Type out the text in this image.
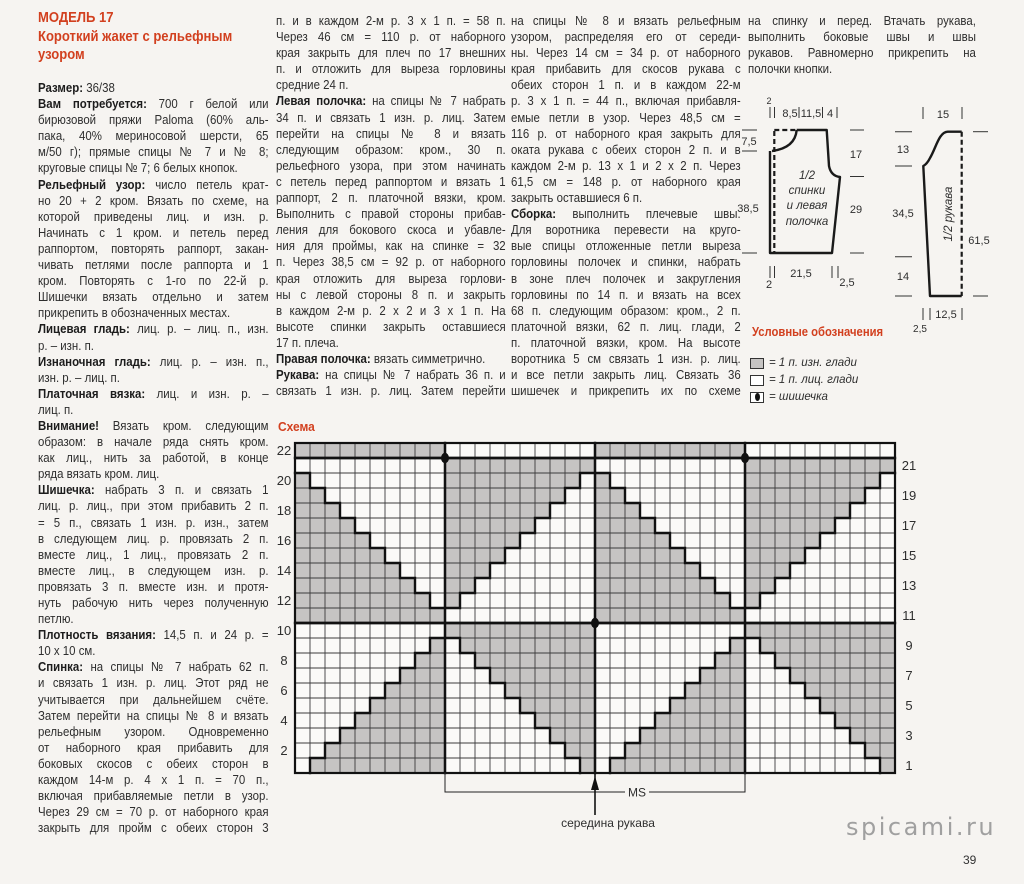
МОДЕЛЬ 17
Короткий жакет с рельефным
узором
Размер: 36/38
Вам потребуется: 700 г белой или
бирюзовой пряжи Paloma (60% аль-
пака, 40% мериносовой шерсти, 65
м/50 г); прямые спицы № 7 и № 8;
круговые спицы № 7; 6 белых кнопок.
Рельефный узор: число петель крат-
но 20 + 2 кром. Вязать по схеме, на
которой приведены лиц. и изн. р.
Начинать с 1 кром. и петель перед
раппортом, повторять раппорт, закан-
чивать петлями после раппорта и 1
кром. Повторять с 1-го по 22-й р.
Шишечки вязать отдельно и затем
прикрепить в обозначенных местах.
Лицевая гладь: лиц. р. – лиц. п., изн.
р. – изн. п.
Изнаночная гладь: лиц. р. – изн. п.,
изн. р. – лиц. п.
Платочная вязка: лиц. и изн. р. –
лиц. п.
Внимание! Вязать кром. следующим
образом: в начале ряда снять кром.
как лиц., нить за работой, в конце
ряда вязать кром. лиц.
Шишечка: набрать 3 п. и связать 1
лиц. р. лиц., при этом прибавить 2 п.
= 5 п., связать 1 изн. р. изн., затем
в следующем лиц. р. провязать 2 п.
вместе лиц., 1 лиц., провязать 2 п.
вместе лиц., в следующем изн. р.
провязать 3 п. вместе изн. и протя-
нуть рабочую нить через полученную
петлю.
Плотность вязания: 14,5 п. и 24 р. =
10 х 10 см.
Спинка: на спицы № 7 набрать 62 п.
и связать 1 изн. р. лиц. Этот ряд не
учитывается при дальнейшем счёте.
Затем перейти на спицы № 8 и вязать
рельефным узором. Одновременно
от наборного края прибавить для
боковых скосов с обеих сторон в
каждом 14-м р. 4 х 1 п. = 70 п.,
включая прибавляемые петли в узор.
Через 29 см = 70 р. от наборного края
закрыть для пройм с обеих сторон 3
п. и в каждом 2-м р. 3 х 1 п. = 58 п.
Через 46 см = 110 р. от наборного
края закрыть для плеч по 17 внешних
п. и отложить для выреза горловины
средние 24 п.
Левая полочка: на спицы № 7 набрать
34 п. и связать 1 изн. р. лиц. Затем
перейти на спицы № 8 и вязать
следующим образом: кром., 30 п.
рельефного узора, при этом начинать
с петель перед раппортом и вязать 1
раппорт, 2 п. платочной вязки, кром.
Выполнить с правой стороны прибав-
ления для бокового скоса и убавле-
ния для проймы, как на спинке = 32
п. Через 38,5 см = 92 р. от наборного
края отложить для выреза горлови-
ны с левой стороны 8 п. и закрыть
в каждом 2-м р. 2 х 2 и 3 х 1 п. На
высоте спинки закрыть оставшиеся
17 п. плеча.
Правая полочка: вязать симметрично.
Рукава: на спицы № 7 набрать 36 п. и
связать 1 изн. р. лиц. Затем перейти
на спицы № 8 и вязать рельефным
узором, распределяя его от середи-
ны. Через 14 см = 34 р. от наборного
края прибавить для скосов рукава с
обеих сторон 1 п. и в каждом 22-м
р. 3 х 1 п. = 44 п., включая прибавля-
емые петли в узор. Через 48,5 см =
116 р. от наборного края закрыть для
оката рукава с обеих сторон 2 п. и в
каждом 2-м р. 13 х 1 и 2 х 2 п. Через
61,5 см = 148 р. от наборного края
закрыть оставшиеся 6 п.
Сборка: выполнить плечевые швы.
Для воротника перевести на круго-
вые спицы отложенные петли выреза
горловины полочек и спинки, набрать
в зоне плеч полочек и закругления
горловины по 14 п. и вязать на всех
68 п. следующим образом: кром., 2 п.
платочной вязки, 62 п. лиц. глади, 2
п. платочной вязки, кром. На высоте
воротника 5 см связать 1 изн. р. лиц.
и все петли закрыть лиц. Связать 36
шишечек и прикрепить их по схеме
на спинку и перед. Втачать рукава,
выполнить боковые швы и швы
рукавов. Равномерно прикрепить на
полочки кнопки.
2
8,5 11,5 4
7,5
38,5
17
29
2
21,5
2,5
1/2
спинки
и левая
полочка
15
13
34,5
14
61,5
2,5
12,5
1/2 рукава
Условные обозначения
= 1 п. изн. глади
= 1 п. лиц. глади
= шишечка
Схема
22
21
20
19
18
17
16
15
14
13
12
11
10
9
8
7
6
5
4
3
2
1
MS
середина рукава	spicami.ru
39
